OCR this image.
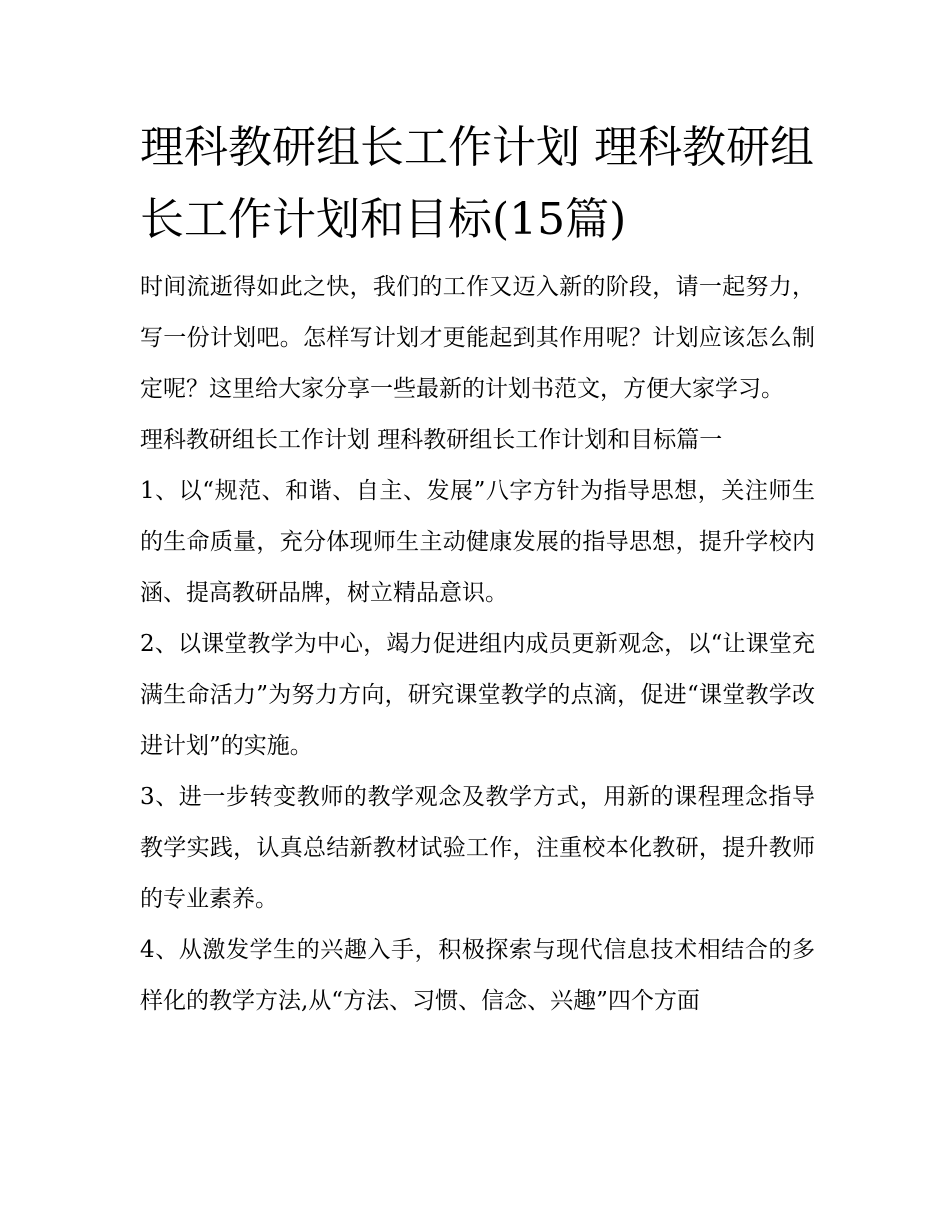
理科教研组长工作计划 理科教研组长工作计划和目标(15篇)

时间流逝得如此之快，我们的工作又迈入新的阶段，请一起努力，写一份计划吧。怎样写计划才更能起到其作用呢？计划应该怎么制定呢？这里给大家分享一些最新的计划书范文，方便大家学习。

理科教研组长工作计划 理科教研组长工作计划和目标篇一

1、以“规范、和谐、自主、发展”八字方针为指导思想，关注师生的生命质量，充分体现师生主动健康发展的指导思想，提升学校内涵、提高教研品牌，树立精品意识。

2、以课堂教学为中心，竭力促进组内成员更新观念，以“让课堂充满生命活力”为努力方向，研究课堂教学的点滴，促进“课堂教学改进计划”的实施。

3、进一步转变教师的教学观念及教学方式，用新的课程理念指导教学实践，认真总结新教材试验工作，注重校本化教研，提升教师的专业素养。

4、从激发学生的兴趣入手，积极探索与现代信息技术相结合的多样化的教学方法,从“方法、习惯、信念、兴趣”四个方面
